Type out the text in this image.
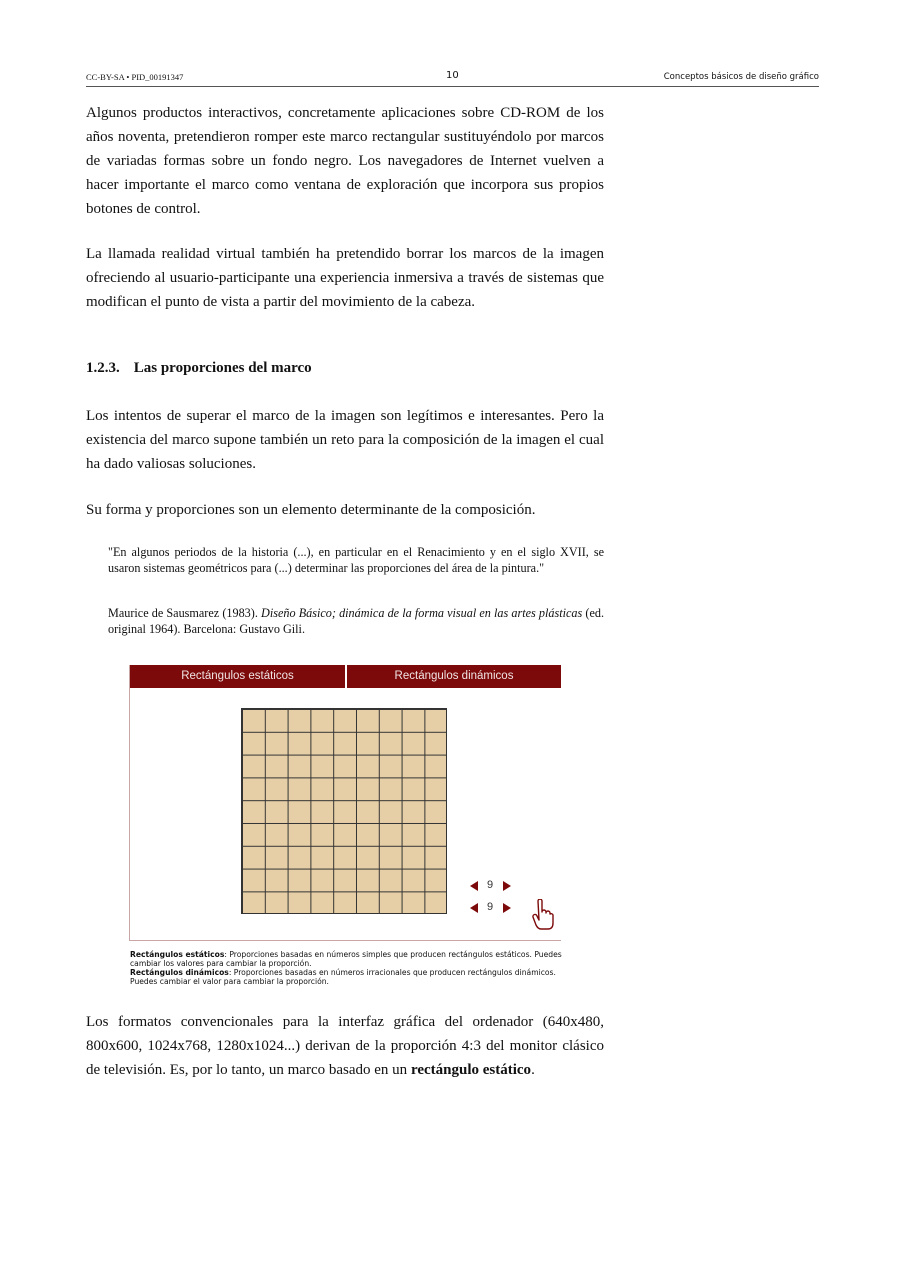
CC-BY-SA • PID_00191347	10	Conceptos básicos de diseño gráfico

Algunos productos interactivos, concretamente aplicaciones sobre CD-ROM de los años noventa, pretendieron romper este marco rectangular sustituyéndolo por marcos de variadas formas sobre un fondo negro. Los navegadores de Internet vuelven a hacer importante el marco como ventana de exploración que incorpora sus propios botones de control.

La llamada realidad virtual también ha pretendido borrar los marcos de la imagen ofreciendo al usuario-participante una experiencia inmersiva a través de sistemas que modifican el punto de vista a partir del movimiento de la cabeza.

1.2.3. Las proporciones del marco

Los intentos de superar el marco de la imagen son legítimos e interesantes. Pero la existencia del marco supone también un reto para la composición de la imagen el cual ha dado valiosas soluciones.

Su forma y proporciones son un elemento determinante de la composición.

"En algunos periodos de la historia (...), en particular en el Renacimiento y en el siglo XVII, se usaron sistemas geométricos para (...) determinar las proporciones del área de la pintura."

Maurice de Sausmarez (1983). Diseño Básico; dinámica de la forma visual en las artes plásticas (ed. original 1964). Barcelona: Gustavo Gili.

Rectángulos estáticos	Rectángulos dinámicos
9
9

Rectángulos estáticos: Proporciones basadas en números simples que producen rectángulos estáticos. Puedes cambiar los valores para cambiar la proporción.
Rectángulos dinámicos: Proporciones basadas en números irracionales que producen rectángulos dinámicos. Puedes cambiar el valor para cambiar la proporción.

Los formatos convencionales para la interfaz gráfica del ordenador (640x480, 800x600, 1024x768, 1280x1024...) derivan de la proporción 4:3 del monitor clásico de televisión. Es, por lo tanto, un marco basado en un rectángulo estático.
